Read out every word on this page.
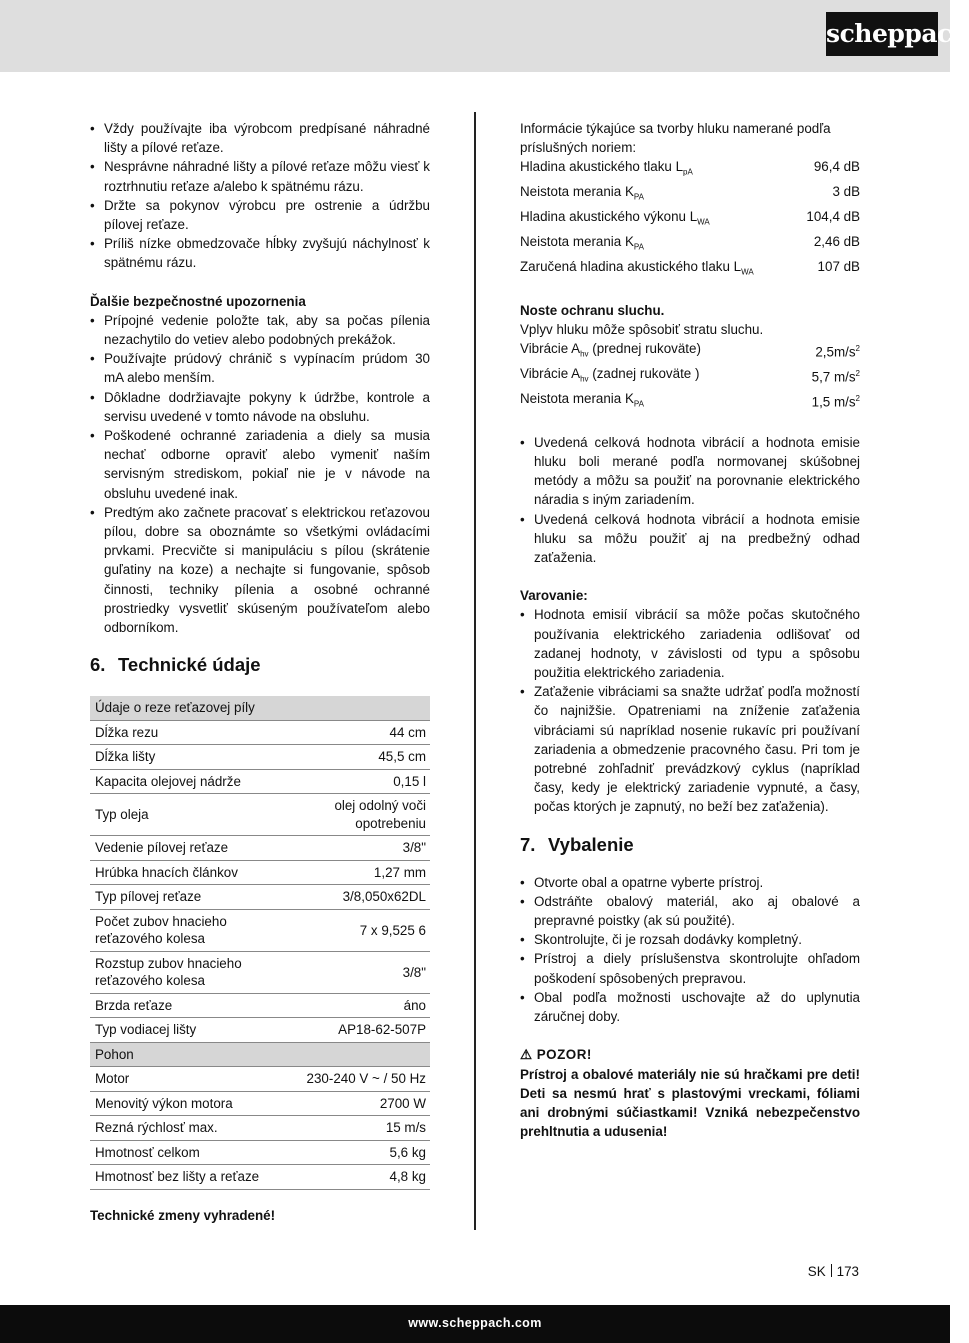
scheppach
• Vždy používajte iba výrobcom predpísané náhradné lišty a pílové reťaze.
• Nesprávne náhradné lišty a pílové reťaze môžu viesť k roztrhnutiu reťaze a/alebo k spätnému rázu.
• Držte sa pokynov výrobcu pre ostrenie a údržbu pílovej reťaze.
• Príliš nízke obmedzovače hĺbky zvyšujú náchylnosť k spätnému rázu.

Ďalšie bezpečnostné upozornenia

• Prípojné vedenie položte tak, aby sa počas pílenia nezachytilo do vetiev alebo podobných prekážok.
• Používajte prúdový chránič s vypínacím prúdom 30 mA alebo menším.
• Dôkladne dodržiavajte pokyny k údržbe, kontrole a servisu uvedené v tomto návode na obsluhu.
• Poškodené ochranné zariadenia a diely sa musia nechať odborne opraviť alebo vymeniť naším servisným strediskom, pokiaľ nie je v návode na obsluhu uvedené inak.
• Predtým ako začnete pracovať s elektrickou reťazovou pílou, dobre sa oboznámte so všetkými ovládacími prvkami. Precvičte si manipuláciu s pílou (skrátenie guľatiny na koze) a nechajte si fungovanie, spôsob činnosti, techniky pílenia a osobné ochranné prostriedky vysvetliť skúseným používateľom alebo odborníkom.
6. Technické údaje
Údaje o reze reťazovej píly	
Dĺžka rezu	44 cm
Dĺžka lišty	45,5 cm
Kapacita olejovej nádrže	0,15 l
Typ oleja	olej odolný voči opotrebeniu
Vedenie pílovej reťaze	3/8"
Hrúbka hnacích článkov	1,27 mm
Typ pílovej reťaze	3/8,050x62DL
Počet zubov hnacieho reťazového kolesa	7 x 9,525 6
Rozstup zubov hnacieho reťazového kolesa	3/8"
Brzda reťaze	áno
Typ vodiacej lišty	AP18-62-507P
Pohon	
Motor	230-240 V ~ / 50 Hz
Menovitý výkon motora	2700 W
Rezná rýchlosť max.	15 m/s
Hmotnosť celkom	5,6 kg
Hmotnosť bez lišty a reťaze	4,8 kg

Technické zmeny vyhradené!

Informácie týkajúce sa tvorby hluku namerané podľa príslušných noriem:

Hladina akustického tlaku $L_{pA}$	96,4 dB
Neistota merania $K_{PA}$	3 dB
Hladina akustického výkonu $L_{WA}$	104,4 dB
Neistota merania $K_{PA}$	2,46 dB
Zaručená hladina akustického tlaku $L_{WA}$	107 dB

Noste ochranu sluchu.

Vplyv hluku môže spôsobiť stratu sluchu.

Vibrácie $A_{hv}$ (prednej rukoväte)	$2,5m/s^2$
Vibrácie $A_{hv}$ (zadnej rukoväte )	5,7 $m/s^2$
Neistota merania $K_{PA}$	1,5 $m/s^2$
• Uvedená celková hodnota vibrácií a hodnota emisie hluku boli merané podľa normovanej skúšobnej metódy a môžu sa použiť na porovnanie elektrického náradia s iným zariadením.
• Uvedená celková hodnota vibrácií a hodnota emisie hluku sa môžu použiť aj na predbežný odhad zaťaženia.

Varovanie:

• Hodnota emisií vibrácií sa môže počas skutočného používania elektrického zariadenia odlišovať od zadanej hodnoty, v závislosti od typu a spôsobu použitia elektrického zariadenia.
• Zaťaženie vibráciami sa snažte udržať podľa možností čo najnižšie. Opatreniami na zníženie zaťaženia vibráciami sú napríklad nosenie rukavíc pri používaní zariadenia a obmedzenie pracovného času. Pri tom je potrebné zohľadniť prevádzkový cyklus (napríklad časy, kedy je elektrický zariadenie vypnuté, a časy, počas ktorých je zapnutý, no beží bez zaťaženia).
7. Vybalenie
• Otvorte obal a opatrne vyberte prístroj.
• Odstráňte obalový materiál, ako aj obalové a prepravné poistky (ak sú použité).
• Skontrolujte, či je rozsah dodávky kompletný.
• Prístroj a diely príslušenstva skontrolujte ohľadom poškodení spôsobených prepravou.
• Obal podľa možnosti uschovajte až do uplynutia záručnej doby.
⚠ POZOR!

Prístroj a obalové materiály nie sú hračkami pre deti! Deti sa nesmú hrať s plastovými vreckami, fóliami ani drobnými súčiastkami! Vzniká nebezpečenstvo prehltnutia a udusenia!

SK 173
www.scheppach.com
